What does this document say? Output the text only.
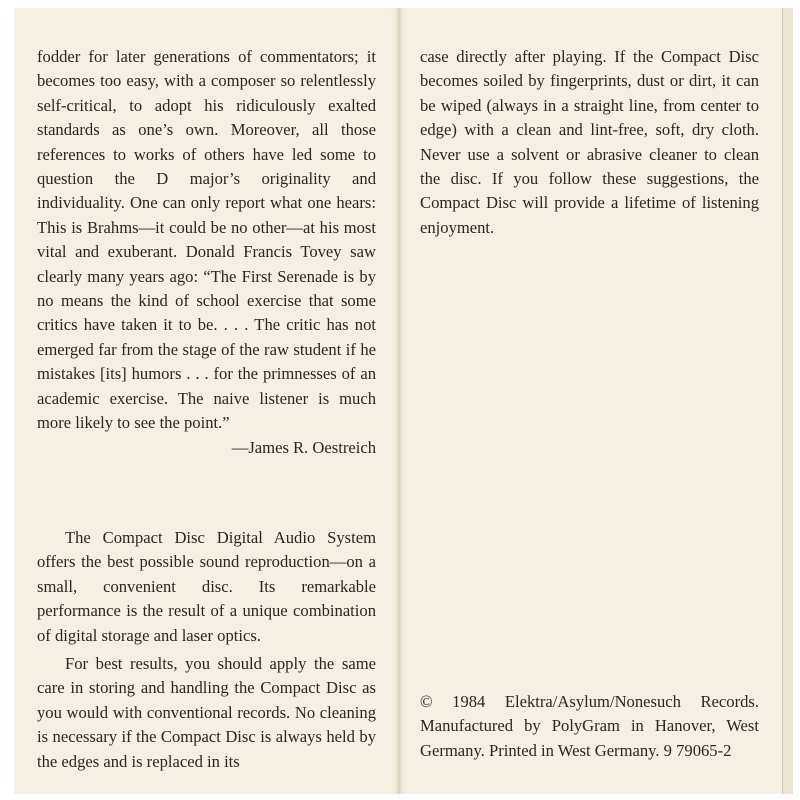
fodder for later generations of commentators; it becomes too easy, with a composer so relentlessly self-critical, to adopt his ridiculously exalted standards as one’s own. Moreover, all those references to works of others have led some to question the D major’s originality and individuality. One can only report what one hears: This is Brahms—it could be no other—at his most vital and exuberant. Donald Francis Tovey saw clearly many years ago: “The First Serenade is by no means the kind of school exercise that some critics have taken it to be. . . . The critic has not emerged far from the stage of the raw student if he mistakes [its] humors . . . for the primnesses of an academic exercise. The naive listener is much more likely to see the point.”

—James R. Oestreich

The Compact Disc Digital Audio System offers the best possible sound reproduction—on a small, convenient disc. Its remarkable performance is the result of a unique combination of digital storage and laser optics.

For best results, you should apply the same care in storing and handling the Compact Disc as you would with conventional records. No cleaning is necessary if the Compact Disc is always held by the edges and is replaced in its

case directly after playing. If the Compact Disc becomes soiled by fingerprints, dust or dirt, it can be wiped (always in a straight line, from center to edge) with a clean and lint-free, soft, dry cloth. Never use a solvent or abrasive cleaner to clean the disc. If you follow these suggestions, the Compact Disc will provide a lifetime of listening enjoyment.

© 1984 Elektra/Asylum/Nonesuch Records. Manufactured by PolyGram in Hanover, West Germany. Printed in West Germany. 9 79065-2
